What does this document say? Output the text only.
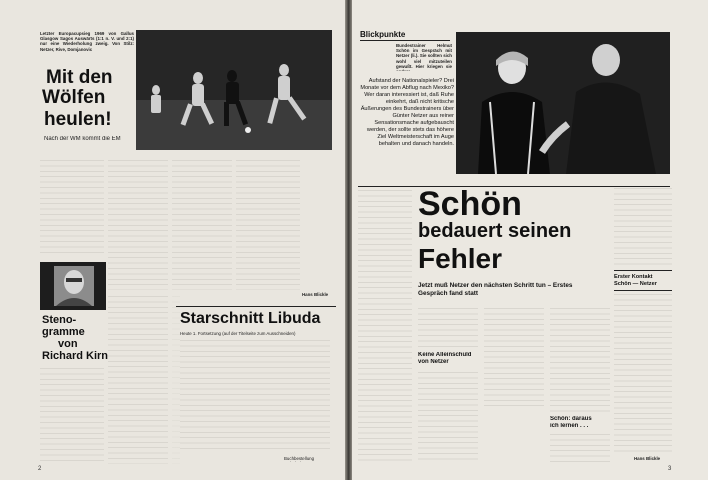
Letzter Europacupsieg 1969 von Gallus Glasgow Sagos Auswärts (1:1 n. V. und 2:1) nur eine Wiederholung zweig. Von Stilz: Netzer, Rive, Domjanovic
Mit den
Wölfen
heulen!
Nach der WM kommt die EM
Hans Blickle
Steno-
gramme
von
Richard Kirn
Starschnitt Libuda
Heute 1. Fortsetzung (auf der Titelseite zum Ausschneiden)
Buchbestellung
2
Blickpunkte
Bundestrainer Helmut Schön im Gespräch mit Netzer (li.). Sie sollten sich wohl viel mitzuteilen gewußt. Hier kriegen sie
Aufstand der Nationalspieler? Drei Monate vor dem Abflug nach Mexiko? Wer daran interessiert ist, daß Ruhe einkehrt, daß nicht kritische Äußerungen des Bundestrainers über Günter Netzer aus reiner Sensationsmache aufgebauscht werden, der sollte stets das höhere Ziel Weltmeisterschaft im Auge behalten und danach handeln.
Schön
bedauert seinen
Fehler
Jetzt muß Netzer den nächsten Schritt tun – Erstes Gespräch fand statt
Keine Alleinschuld
von Netzer
Schön: daraus
ich lernen . . .
Erster Kontakt
Schön — Netzer
Hans Blickle
3
